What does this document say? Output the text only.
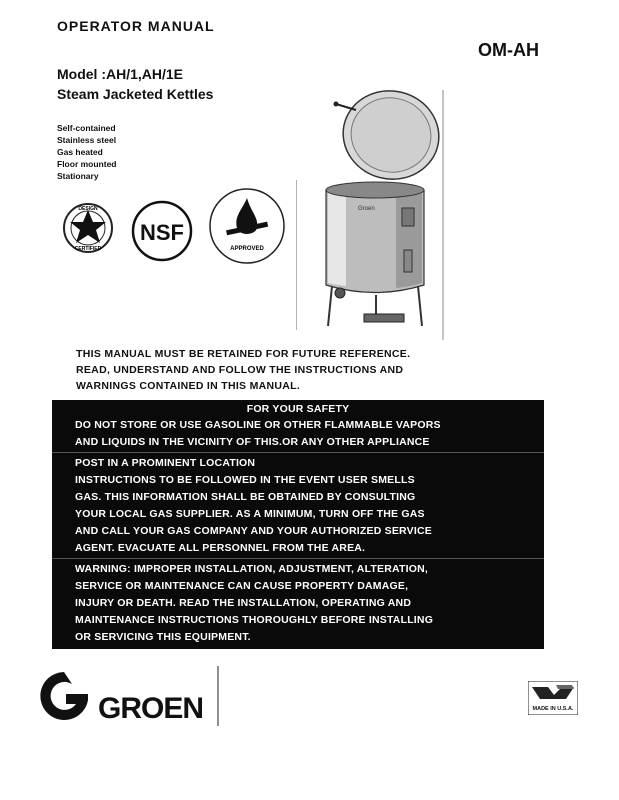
OPERATOR MANUAL
OM-AH
Model :AH/1,AH/1E
Steam Jacketed Kettles
Self-contained
Stainless steel
Gas heated
Floor mounted
Stationary
DESIGN
CERTIFIED
NSF
APPROVED
Groen
THIS MANUAL MUST BE RETAINED FOR FUTURE REFERENCE.
READ, UNDERSTAND AND FOLLOW THE INSTRUCTIONS AND
WARNINGS CONTAINED IN THIS MANUAL.
FOR YOUR SAFETY
DO NOT STORE OR USE GASOLINE OR OTHER FLAMMABLE VAPORS
AND LIQUIDS IN THE VICINITY OF THIS.OR ANY OTHER APPLIANCE
POST IN A PROMINENT LOCATION
INSTRUCTIONS TO BE FOLLOWED IN THE EVENT USER SMELLS
GAS. THIS INFORMATION SHALL BE OBTAINED BY CONSULTING
YOUR LOCAL GAS SUPPLIER. AS A MINIMUM, TURN OFF THE GAS
AND CALL YOUR GAS COMPANY AND YOUR AUTHORIZED SERVICE
AGENT. EVACUATE ALL PERSONNEL FROM THE AREA.
WARNING: IMPROPER INSTALLATION, ADJUSTMENT, ALTERATION,
SERVICE OR MAINTENANCE CAN CAUSE PROPERTY DAMAGE,
INJURY OR DEATH. READ THE INSTALLATION, OPERATING AND
MAINTENANCE INSTRUCTIONS THOROUGHLY BEFORE INSTALLING
OR SERVICING THIS EQUIPMENT.
GROEN	MADE IN U.S.A.
